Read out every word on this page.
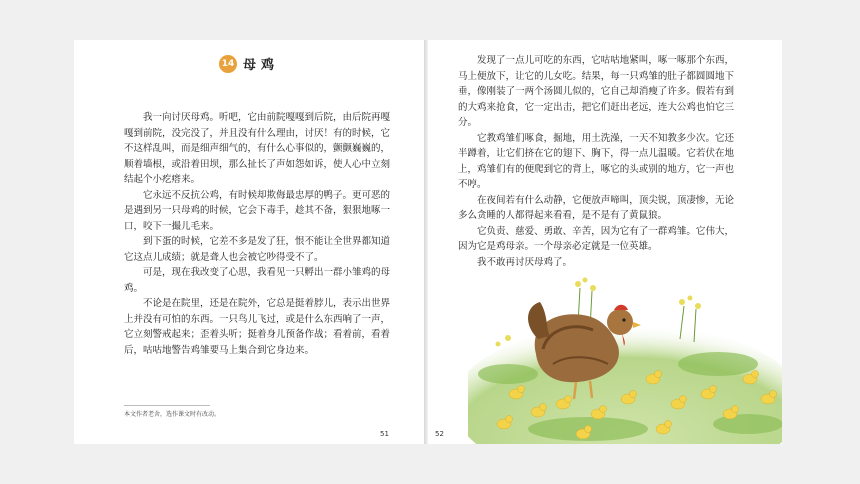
14 母鸡

我一向讨厌母鸡。听吧，它由前院嘎嘎到后院，由后院再嘎嘎到前院，没完没了，并且没有什么理由，讨厌！有的时候，它不这样乱叫，而是细声细气的，有什么心事似的，颤颤巍巍的，顺着墙根，或沿着田坝，那么扯长了声如怨如诉，使人心中立刻结起个小疙瘩来。

它永远不反抗公鸡，有时候却欺侮最忠厚的鸭子。更可恶的是遇到另一只母鸡的时候，它会下毒手，趁其不备，狠狠地啄一口，咬下一撮儿毛来。

到下蛋的时候，它差不多是发了狂，恨不能让全世界都知道它这点儿成绩；就是聋人也会被它吵得受不了。

可是，现在我改变了心思，我看见一只孵出一群小雏鸡的母鸡。

不论是在院里，还是在院外，它总是挺着脖儿，表示出世界上并没有可怕的东西。一只鸟儿飞过，或是什么东西响了一声，它立刻警戒起来；歪着头听；挺着身儿预备作战；看着前，看着后，咕咕地警告鸡雏要马上集合到它身边来。

本文作者老舍，选作课文时有改动。
51

发现了一点儿可吃的东西，它咕咕地紧叫，啄一啄那个东西，马上便放下，让它的儿女吃。结果，每一只鸡雏的肚子都圆圆地下垂，像刚装了一两个汤圆儿似的，它自己却消瘦了许多。假若有到的大鸡来抢食，它一定出击，把它们赶出老远，连大公鸡也怕它三分。

它教鸡雏们啄食，掘地，用土洗澡，一天不知教多少次。它还半蹲着，让它们挤在它的翅下、胸下，得一点儿温暖。它若伏在地上，鸡雏们有的便爬到它的背上，啄它的头或别的地方，它一声也不哼。

在夜间若有什么动静，它便放声啼叫，顶尖锐，顶凄惨，无论多么贪睡的人都得起来看看，是不是有了黄鼠狼。

它负责、慈爱、勇敢、辛苦，因为它有了一群鸡雏。它伟大，因为它是鸡母亲。一个母亲必定就是一位英雄。

我不敢再讨厌母鸡了。

52
